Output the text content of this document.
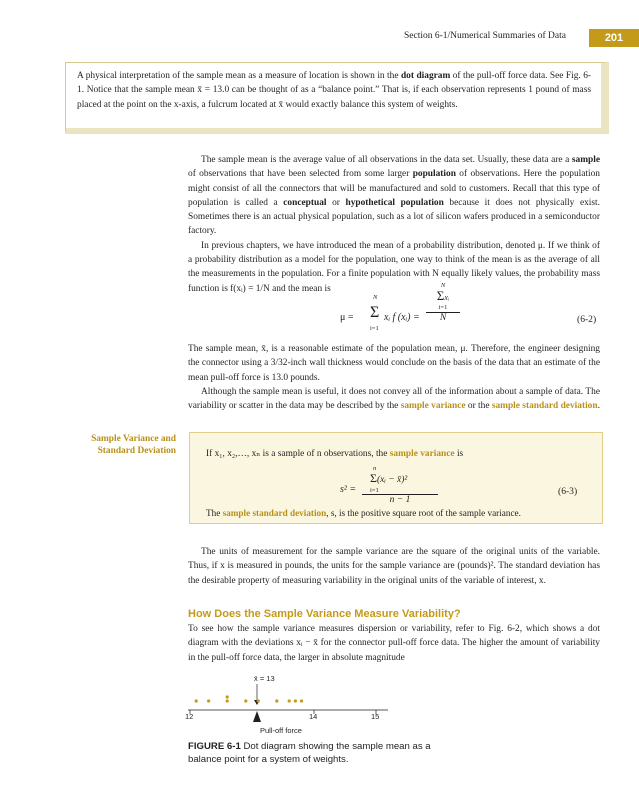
Section 6-1/Numerical Summaries of Data	201
A physical interpretation of the sample mean as a measure of location is shown in the dot diagram of the pull-off force data. See Fig. 6-1. Notice that the sample mean x̄ = 13.0 can be thought of as a “balance point.” That is, if each observation represents 1 pound of mass placed at the point on the x-axis, a fulcrum located at x̄ would exactly balance this system of weights.

The sample mean is the average value of all observations in the data set. Usually, these data are a sample of observations that have been selected from some larger population of observations. Here the population might consist of all the connectors that will be manufactured and sold to customers. Recall that this type of population is called a conceptual or hypothetical population because it does not physically exist. Sometimes there is an actual physical population, such as a lot of silicon wafers produced in a semiconductor factory.

In previous chapters, we have introduced the mean of a probability distribution, denoted μ. If we think of a probability distribution as a model for the population, one way to think of the mean is as the average of all the measurements in the population. For a finite population with N equally likely values, the probability mass function is f(xᵢ) = 1/N and the mean is

μ = Σ
N
i=1
xᵢ f (xᵢ) =
N
Σxᵢ
i=1
N	(6-2)

The sample mean, x̄, is a reasonable estimate of the population mean, μ. Therefore, the engineer designing the connector using a 3/32-inch wall thickness would conclude on the basis of the data that an estimate of the mean pull-off force is 13.0 pounds.

Although the sample mean is useful, it does not convey all of the information about a sample of data. The variability or scatter in the data may be described by the sample variance or the sample standard deviation.

Sample Variance and
Standard Deviation	If x₁, x₂,…, xₙ is a sample of n observations, the sample variance is
s² =
n
Σ(xᵢ − x̄)²
i=1
n − 1
(6-3)
The sample standard deviation, s, is the positive square root of the sample variance.

The units of measurement for the sample variance are the square of the original units of the variable. Thus, if x is measured in pounds, the units for the sample variance are (pounds)². The standard deviation has the desirable property of measuring variability in the original units of the variable of interest, x.

How Does the Sample Variance Measure Variability?

To see how the sample variance measures dispersion or variability, refer to Fig. 6-2, which shows a dot diagram with the deviations xᵢ − x̄ for the connector pull-off force data. The higher the amount of variability in the pull-off force data, the larger in absolute magnitude

x̄ = 13
12	14	15
Pull-off force
FIGURE 6-1 Dot diagram showing the sample mean as a balance point for a system of weights.
